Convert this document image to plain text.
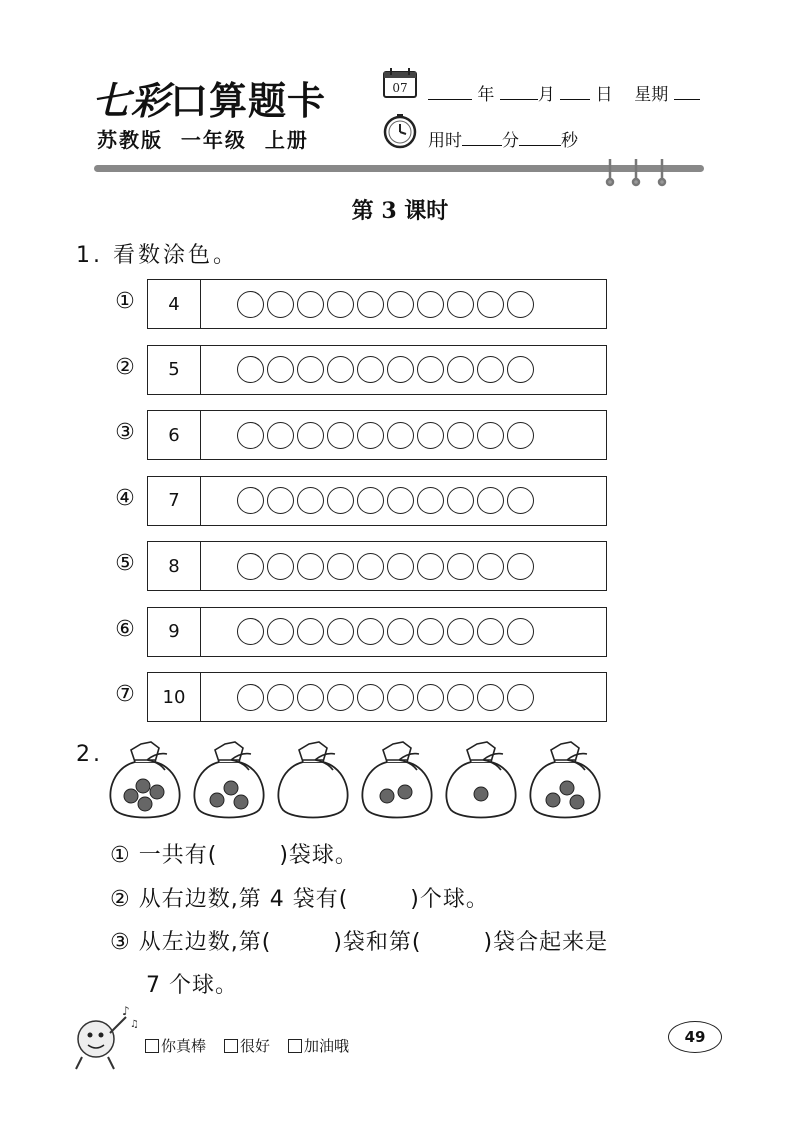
七彩口算题卡
苏教版  一年级  上册
07	年	月 日 星期
用时 分 秒
第 3 课时
1. 看数涂色。
①	4
②	5
③	6
④	7
⑤	8
⑥	9
⑦	10
2.
① 一共有(	)袋球。
② 从右边数,第 4 袋有(	)个球。
③ 从左边数,第(	)袋和第(	)袋合起来是
7 个球。
♪
♫
你真棒 很好 加油哦	49
